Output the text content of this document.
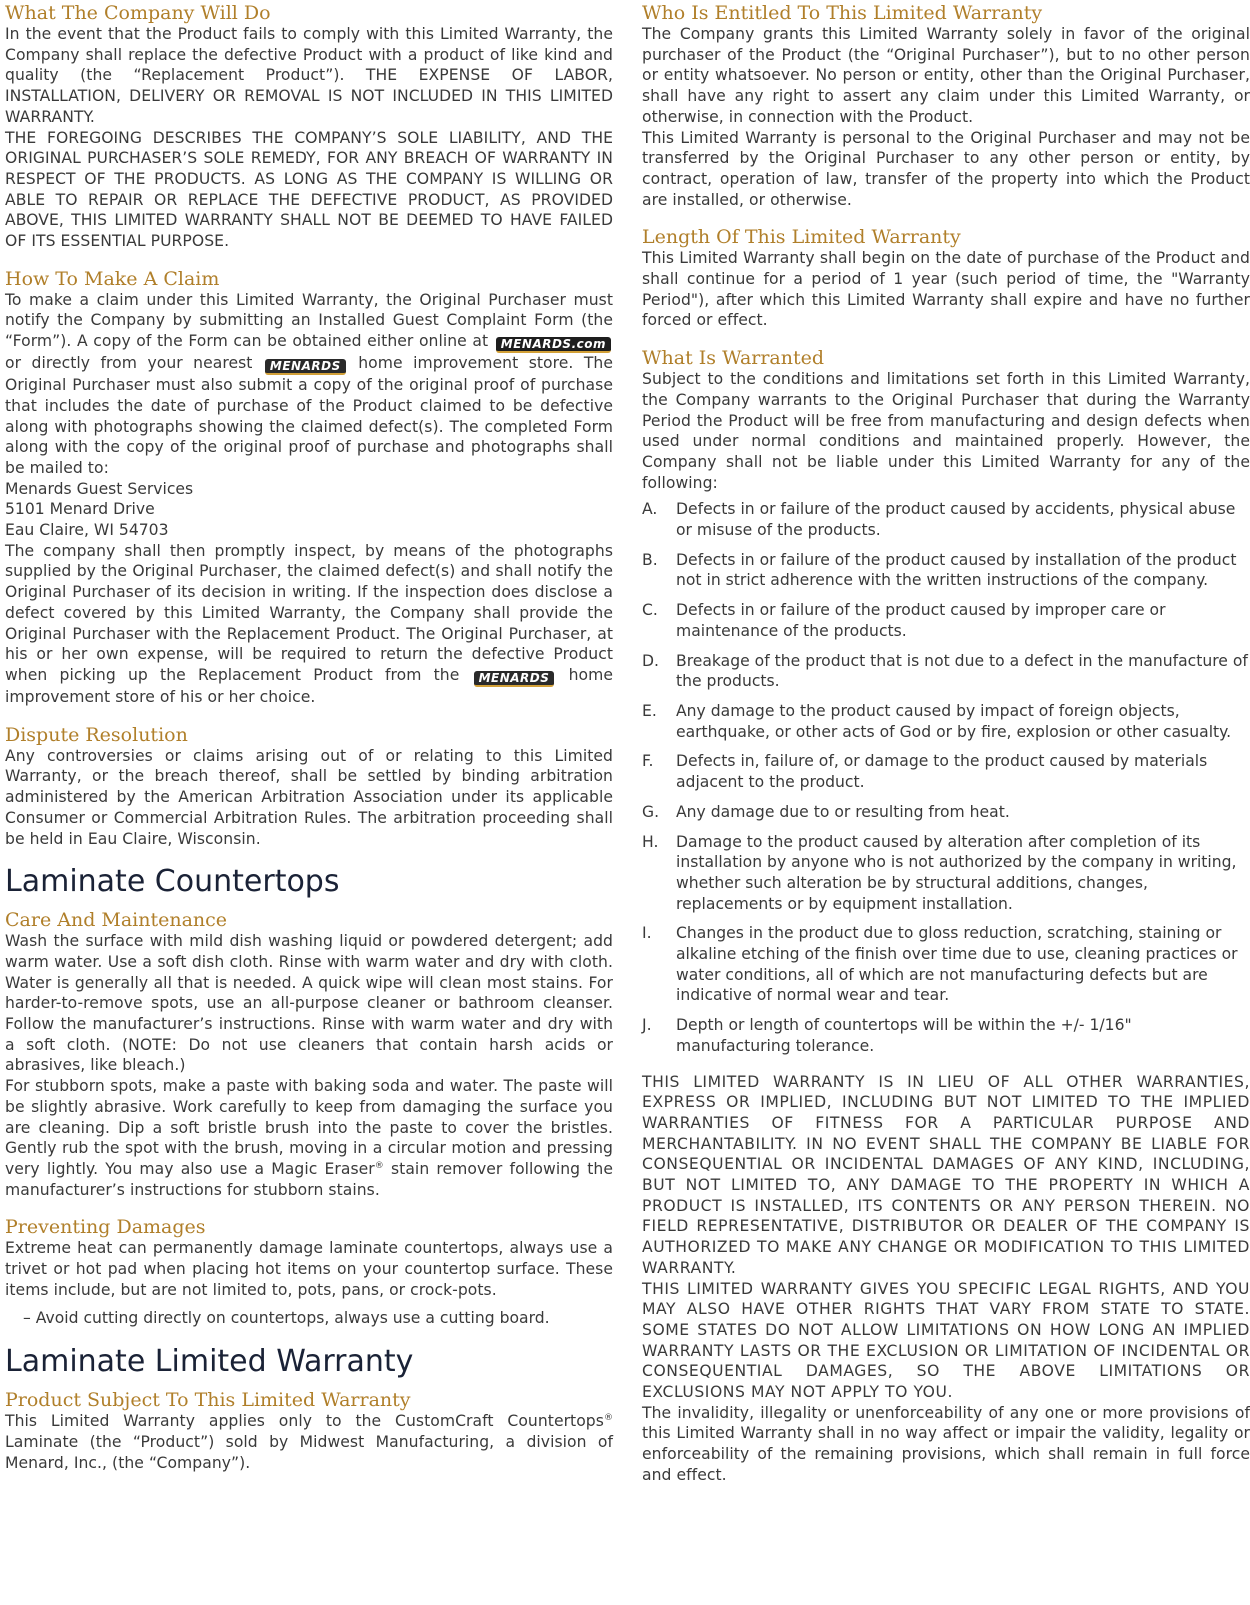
What The Company Will Do

In the event that the Product fails to comply with this Limited Warranty, the Company shall replace the defective Product with a product of like kind and quality (the “Replacement Product”). THE EXPENSE OF LABOR, INSTALLATION, DELIVERY OR REMOVAL IS NOT INCLUDED IN THIS LIMITED WARRANTY.

THE FOREGOING DESCRIBES THE COMPANY’S SOLE LIABILITY, AND THE ORIGINAL PURCHASER’S SOLE REMEDY, FOR ANY BREACH OF WARRANTY IN RESPECT OF THE PRODUCTS. AS LONG AS THE COMPANY IS WILLING OR ABLE TO REPAIR OR REPLACE THE DEFECTIVE PRODUCT, AS PROVIDED ABOVE, THIS LIMITED WARRANTY SHALL NOT BE DEEMED TO HAVE FAILED OF ITS ESSENTIAL PURPOSE.

How To Make A Claim

To make a claim under this Limited Warranty, the Original Purchaser must notify the Company by submitting an Installed Guest Complaint Form (the “Form”). A copy of the Form can be obtained either online at MENARDS.com or directly from your nearest MENARDS home improvement store. The Original Purchaser must also submit a copy of the original proof of purchase that includes the date of purchase of the Product claimed to be defective along with photographs showing the claimed defect(s). The completed Form along with the copy of the original proof of purchase and photographs shall be mailed to:

Menards Guest Services
5101 Menard Drive
Eau Claire, WI 54703

The company shall then promptly inspect, by means of the photographs supplied by the Original Purchaser, the claimed defect(s) and shall notify the Original Purchaser of its decision in writing. If the inspection does disclose a defect covered by this Limited Warranty, the Company shall provide the Original Purchaser with the Replacement Product. The Original Purchaser, at his or her own expense, will be required to return the defective Product when picking up the Replacement Product from the MENARDS home improvement store of his or her choice.

Dispute Resolution

Any controversies or claims arising out of or relating to this Limited Warranty, or the breach thereof, shall be settled by binding arbitration administered by the American Arbitration Association under its applicable Consumer or Commercial Arbitration Rules. The arbitration proceeding shall be held in Eau Claire, Wisconsin.

Laminate Countertops
Care And Maintenance

Wash the surface with mild dish washing liquid or powdered detergent; add warm water. Use a soft dish cloth. Rinse with warm water and dry with cloth. Water is generally all that is needed. A quick wipe will clean most stains. For harder-to-remove spots, use an all-purpose cleaner or bathroom cleanser. Follow the manufacturer’s instructions. Rinse with warm water and dry with a soft cloth. (NOTE: Do not use cleaners that contain harsh acids or abrasives, like bleach.)

For stubborn spots, make a paste with baking soda and water. The paste will be slightly abrasive. Work carefully to keep from damaging the surface you are cleaning. Dip a soft bristle brush into the paste to cover the bristles. Gently rub the spot with the brush, moving in a circular motion and pressing very lightly. You may also use a Magic Eraser® stain remover following the manufacturer’s instructions for stubborn stains.

Preventing Damages

Extreme heat can permanently damage laminate countertops, always use a trivet or hot pad when placing hot items on your countertop surface. These items include, but are not limited to, pots, pans, or crock-pots.

– Avoid cutting directly on countertops, always use a cutting board.
Laminate Limited Warranty
Product Subject To This Limited Warranty

This Limited Warranty applies only to the CustomCraft Countertops® Laminate (the “Product”) sold by Midwest Manufacturing, a division of Menard, Inc., (the “Company”).

Who Is Entitled To This Limited Warranty

The Company grants this Limited Warranty solely in favor of the original purchaser of the Product (the “Original Purchaser”), but to no other person or entity whatsoever. No person or entity, other than the Original Purchaser, shall have any right to assert any claim under this Limited Warranty, or otherwise, in connection with the Product.

This Limited Warranty is personal to the Original Purchaser and may not be transferred by the Original Purchaser to any other person or entity, by contract, operation of law, transfer of the property into which the Product are installed, or otherwise.

Length Of This Limited Warranty

This Limited Warranty shall begin on the date of purchase of the Product and shall continue for a period of 1 year (such period of time, the "Warranty Period"), after which this Limited Warranty shall expire and have no further forced or effect.

What Is Warranted

Subject to the conditions and limitations set forth in this Limited Warranty, the Company warrants to the Original Purchaser that during the Warranty Period the Product will be free from manufacturing and design defects when used under normal conditions and maintained properly. However, the Company shall not be liable under this Limited Warranty for any of the following:

A. Defects in or failure of the product caused by accidents, physical abuse or misuse of the products.
B. Defects in or failure of the product caused by installation of the product not in strict adherence with the written instructions of the company.
C. Defects in or failure of the product caused by improper care or maintenance of the products.
D. Breakage of the product that is not due to a defect in the manufacture of the products.
E. Any damage to the product caused by impact of foreign objects, earthquake, or other acts of God or by fire, explosion or other casualty.
F. Defects in, failure of, or damage to the product caused by materials adjacent to the product.
G. Any damage due to or resulting from heat.
H. Damage to the product caused by alteration after completion of its installation by anyone who is not authorized by the company in writing, whether such alteration be by structural additions, changes, replacements or by equipment installation.
I. Changes in the product due to gloss reduction, scratching, staining or alkaline etching of the finish over time due to use, cleaning practices or water conditions, all of which are not manufacturing defects but are indicative of normal wear and tear.
J. Depth or length of countertops will be within the +/- 1/16" manufacturing tolerance.

THIS LIMITED WARRANTY IS IN LIEU OF ALL OTHER WARRANTIES, EXPRESS OR IMPLIED, INCLUDING BUT NOT LIMITED TO THE IMPLIED WARRANTIES OF FITNESS FOR A PARTICULAR PURPOSE AND MERCHANTABILITY. IN NO EVENT SHALL THE COMPANY BE LIABLE FOR CONSEQUENTIAL OR INCIDENTAL DAMAGES OF ANY KIND, INCLUDING, BUT NOT LIMITED TO, ANY DAMAGE TO THE PROPERTY IN WHICH A PRODUCT IS INSTALLED, ITS CONTENTS OR ANY PERSON THEREIN. NO FIELD REPRESENTATIVE, DISTRIBUTOR OR DEALER OF THE COMPANY IS AUTHORIZED TO MAKE ANY CHANGE OR MODIFICATION TO THIS LIMITED WARRANTY.

THIS LIMITED WARRANTY GIVES YOU SPECIFIC LEGAL RIGHTS, AND YOU MAY ALSO HAVE OTHER RIGHTS THAT VARY FROM STATE TO STATE. SOME STATES DO NOT ALLOW LIMITATIONS ON HOW LONG AN IMPLIED WARRANTY LASTS OR THE EXCLUSION OR LIMITATION OF INCIDENTAL OR CONSEQUENTIAL DAMAGES, SO THE ABOVE LIMITATIONS OR EXCLUSIONS MAY NOT APPLY TO YOU.

The invalidity, illegality or unenforceability of any one or more provisions of this Limited Warranty shall in no way affect or impair the validity, legality or enforceability of the remaining provisions, which shall remain in full force and effect.
